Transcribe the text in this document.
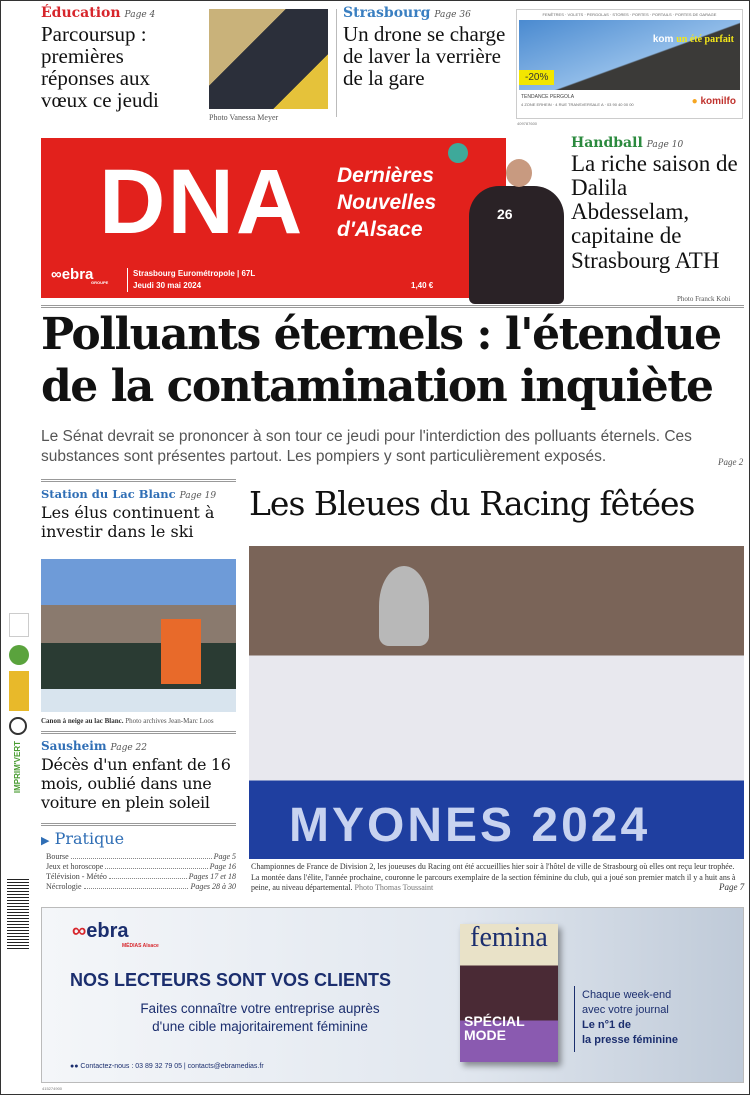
Éducation Page 4
Parcoursup : premières réponses aux vœux ce jeudi
Photo Vanessa Meyer
Strasbourg Page 36
Un drone se charge de laver la verrière de la gare
FENÊTRES · VOLETS · PERGOLAS · STORES · PORTES · PORTAILS · PORTES DE GARAGE
kom un été parfait
-20%
TENDANCE PERGOLA
4 ZONE ERHEIN · 4 RUE TRANSVERSALE A · 03 90 40 00 00	● komilfo
409787600
DNA Dernières
Nouvelles
d'Alsace
∞ebra
GROUPE
Strasbourg Eurométropole | 67L
Jeudi 30 mai 2024	1,40 €
26
Handball Page 10
La riche saison de Dalila Abdesselam, capitaine de Strasbourg ATH
Photo Franck Kobi
Polluants éternels : l'étendue de la contamination inquiète
Le Sénat devrait se prononcer à son tour ce jeudi pour l'interdiction des polluants éternels. Ces substances sont présentes partout. Les pompiers y sont particulièrement exposés.	Page 2
Station du Lac Blanc Page 19
Les élus continuent à investir dans le ski
Canon à neige au lac Blanc. Photo archives Jean-Marc Loos
Sausheim Page 22
Décès d'un enfant de 16 mois, oublié dans une voiture en plein soleil
▶ Pratique
Bourse	Page 5
Jeux et horoscope	Page 16
Télévision - Météo	Pages 17 et 18
Nécrologie	Pages 28 à 30
IMPRIM'VERT
Les Bleues du Racing fêtées
MYONES 2024
Championnes de France de Division 2, les joueuses du Racing ont été accueillies hier soir à l'hôtel de ville de Strasbourg où elles ont reçu leur trophée. La montée dans l'élite, l'année prochaine, couronne le parcours exemplaire de la section féminine du club, qui a joué son premier match il y a huit ans à peine, au niveau départemental. Photo Thomas Toussaint	Page 7
∞ebra
MÉDIAS Alsace
NOS LECTEURS SONT VOS CLIENTS
Faites connaître votre entreprise auprès
d'une cible majoritairement féminine
●● Contactez-nous : 03 89 32 79 05 | contacts@ebramedias.fr
femina
SPÉCIAL MODE
Chaque week-end
avec votre journal
Le n°1 de
la presse féminine
415274900
